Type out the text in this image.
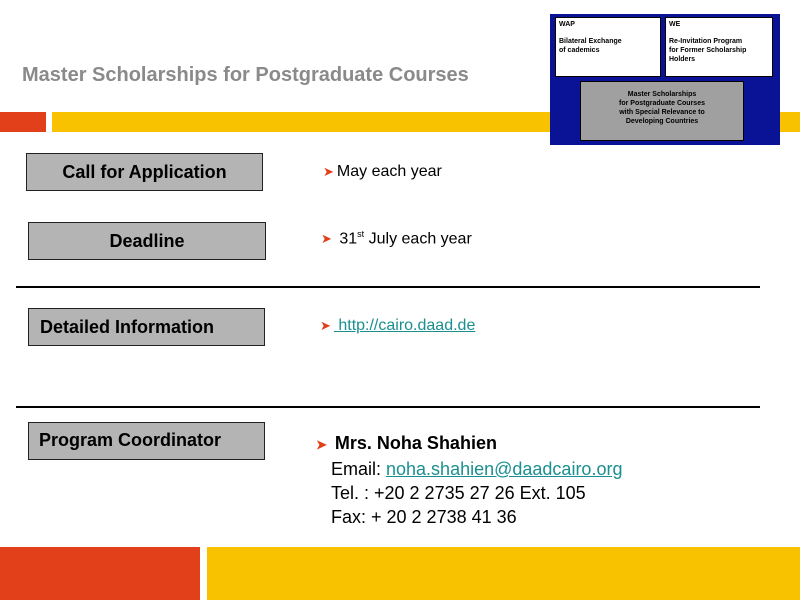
Master Scholarships for Postgraduate Courses
WAP
Bilateral Exchange
of cademics
WE
Re-Invitation Program
for Former Scholarship
Holders
Master Scholarships
for Postgraduate Courses
with Special Relevance to
Developing Countries
Call for Application	➤ May each year
Deadline	➤ 31st July each year
Detailed Information	➤ http://cairo.daad.de
Program Coordinator	➤ Mrs. Noha Shahien
Email: noha.shahien@daadcairo.org
Tel. : +20 2 2735 27 26 Ext. 105
Fax: + 20 2 2738 41 36
